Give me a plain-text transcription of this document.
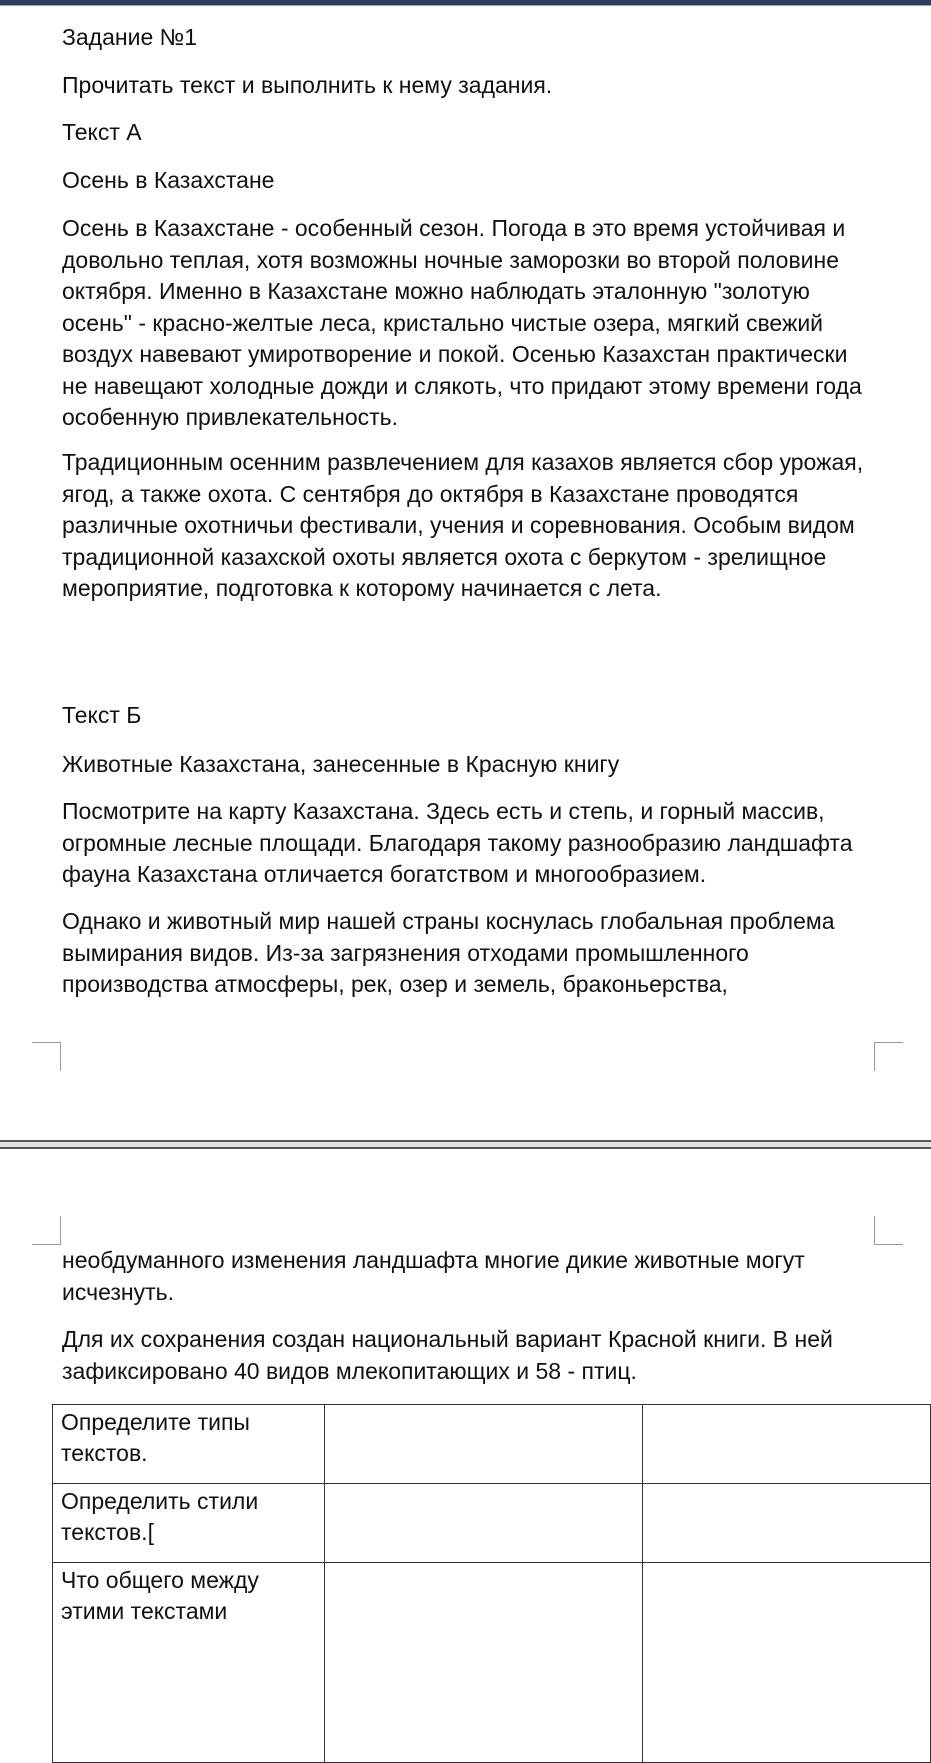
Задание №1

Прочитать текст и выполнить к нему задания.

Текст А

Осень в Казахстане

Осень в Казахстане - особенный сезон. Погода в это время устойчивая и довольно теплая, хотя возможны ночные заморозки во второй половине октября. Именно в Казахстане можно наблюдать эталонную "золотую осень" - красно-желтые леса, кристально чистые озера, мягкий свежий воздух навевают умиротворение и покой. Осенью Казахстан практически не навещают холодные дожди и слякоть, что придают этому времени года особенную привлекательность.

Традиционным осенним развлечением для казахов является сбор урожая, ягод, а также охота. С сентября до октября в Казахстане проводятся различные охотничьи фестивали, учения и соревнования. Особым видом традиционной казахской охоты является охота с беркутом - зрелищное мероприятие, подготовка к которому начинается с лета.

Текст Б

Животные Казахстана, занесенные в Красную книгу

Посмотрите на карту Казахстана. Здесь есть и степь, и горный массив, огромные лесные площади. Благодаря такому разнообразию ландшафта фауна Казахстана отличается богатством и многообразием.

Однако и животный мир нашей страны коснулась глобальная проблема вымирания видов. Из-за загрязнения отходами промышленного производства атмосферы, рек, озер и земель, браконьерства,

необдуманного изменения ландшафта многие дикие животные могут исчезнуть.

Для их сохранения создан национальный вариант Красной книги. В ней зафиксировано 40 видов млекопитающих и 58 - птиц.

Определите типы текстов.		
Определить стили текстов.[		
Что общего между этими текстами		
